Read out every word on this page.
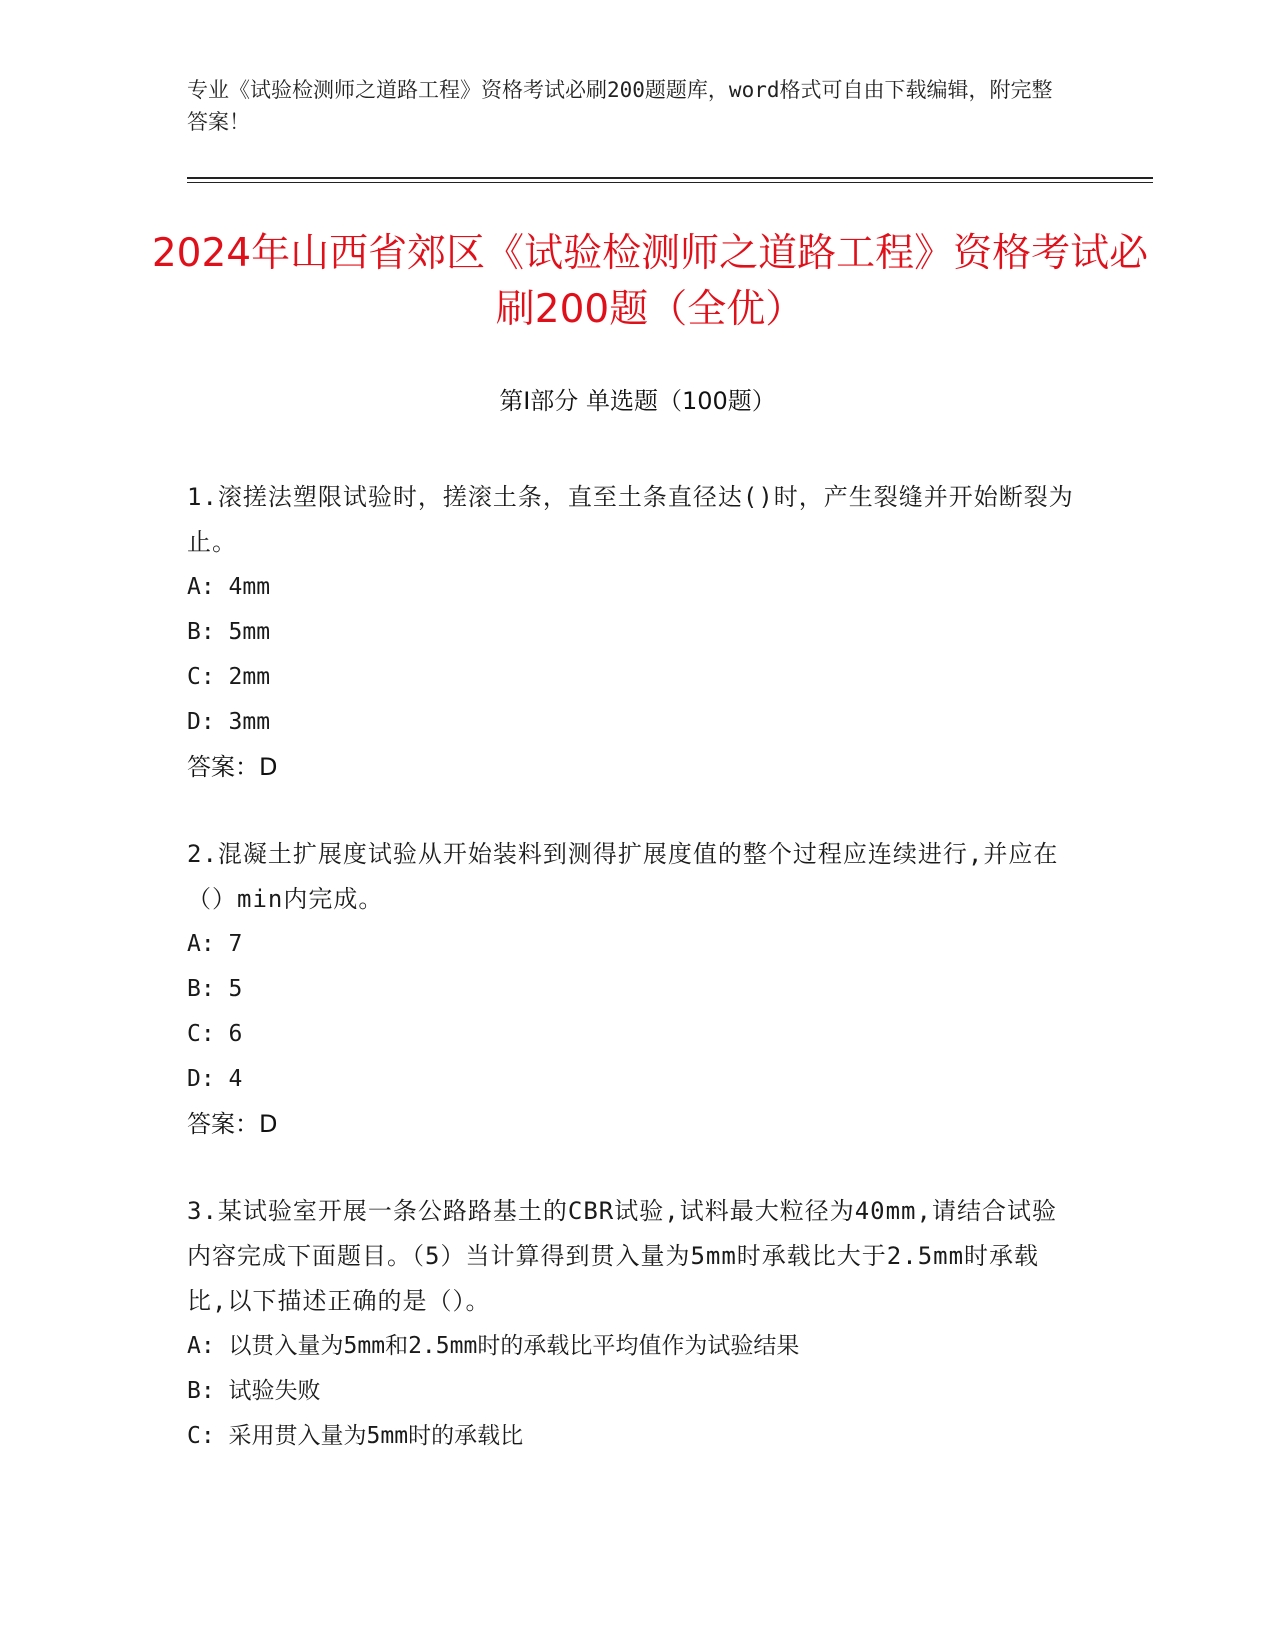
专业《试验检测师之道路工程》资格考试必刷200题题库，word格式可自由下载编辑，附完整答案！
2024年山西省郊区《试验检测师之道路工程》资格考试必刷200题（全优）
第I部分 单选题（100题）

1.滚搓法塑限试验时，搓滚土条，直至土条直径达()时，产生裂缝并开始断裂为止。

A: 4mm

B: 5mm

C: 2mm

D: 3mm

答案：D

2.混凝土扩展度试验从开始装料到测得扩展度值的整个过程应连续进行,并应在（）min内完成。

A: 7

B: 5

C: 6

D: 4

答案：D

3.某试验室开展一条公路路基土的CBR试验,试料最大粒径为40mm,请结合试验内容完成下面题目。（5）当计算得到贯入量为5mm时承载比大于2.5mm时承载比,以下描述正确的是（）。

A: 以贯入量为5mm和2.5mm时的承载比平均值作为试验结果

B: 试验失败

C: 采用贯入量为5mm时的承载比
